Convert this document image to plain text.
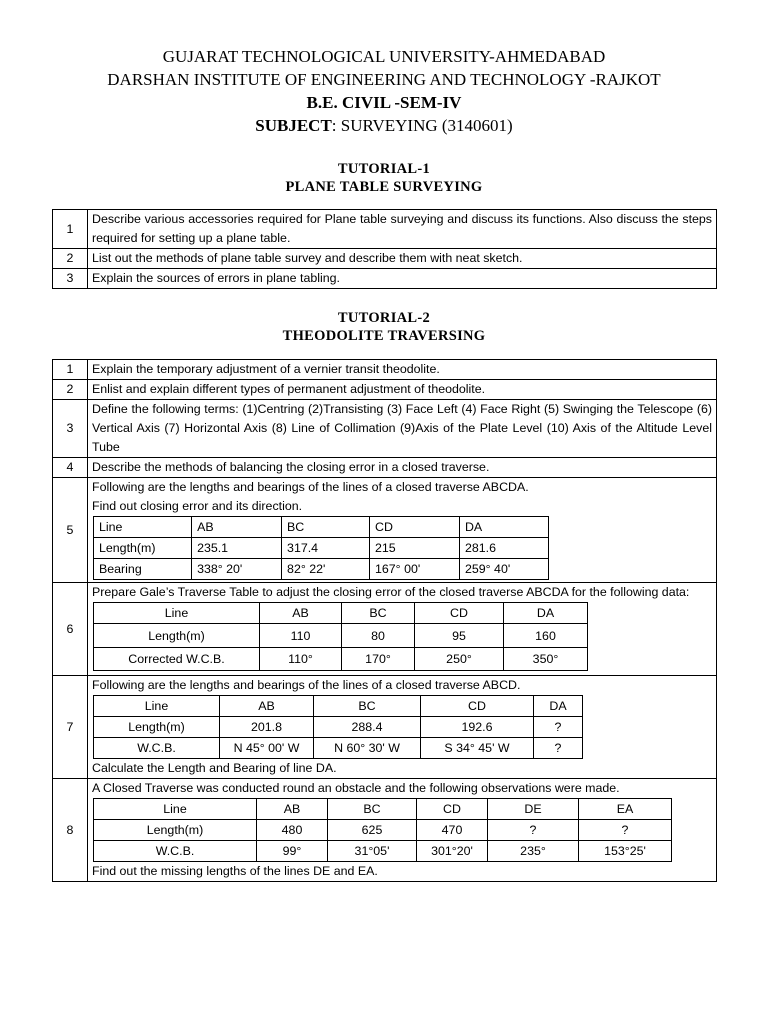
GUJARAT TECHNOLOGICAL UNIVERSITY-AHMEDABAD
DARSHAN INSTITUTE OF ENGINEERING AND TECHNOLOGY -RAJKOT
B.E. CIVIL -SEM-IV
SUBJECT: SURVEYING (3140601)
TUTORIAL-1
PLANE TABLE SURVEYING
1	Describe various accessories required for Plane table surveying and discuss its functions. Also discuss the steps required for setting up a plane table.
2	List out the methods of plane table survey and describe them with neat sketch.
3	Explain the sources of errors in plane tabling.
TUTORIAL-2
THEODOLITE TRAVERSING
1	Explain the temporary adjustment of a vernier transit theodolite.
2	Enlist and explain different types of permanent adjustment of theodolite.
3	Define the following terms: (1)Centring (2)Transisting (3) Face Left (4) Face Right (5) Swinging the Telescope (6) Vertical Axis (7) Horizontal Axis (8) Line of Collimation (9)Axis of the Plate Level (10) Axis of the Altitude Level Tube
4	Describe the methods of balancing the closing error in a closed traverse.
5	
Following are the lengths and bearings of the lines of a closed traverse ABCDA.
Find out closing error and its direction.
Line	AB	BC	CD	DA
Length(m)	235.1	317.4	215	281.6
Bearing	338° 20'	82° 22'	167° 00'	259° 40'

6	
Prepare Gale’s Traverse Table to adjust the closing error of the closed traverse ABCDA for the following data:
Line	AB	BC	CD	DA
Length(m)	110	80	95	160
Corrected W.C.B.	110°	170°	250°	350°

7	
Following are the lengths and bearings of the lines of a closed traverse ABCD.
Line	AB	BC	CD	DA
Length(m)	201.8	288.4	192.6	?
W.C.B.	N 45° 00' W	N 60° 30' W	S 34° 45' W	?
Calculate the Length and Bearing of line DA.

8	
A Closed Traverse was conducted round an obstacle and the following observations were made.
Line	AB	BC	CD	DE	EA
Length(m)	480	625	470	?	?
W.C.B.	99°	31°05'	301°20'	235°	153°25'
Find out the missing lengths of the lines DE and EA.
